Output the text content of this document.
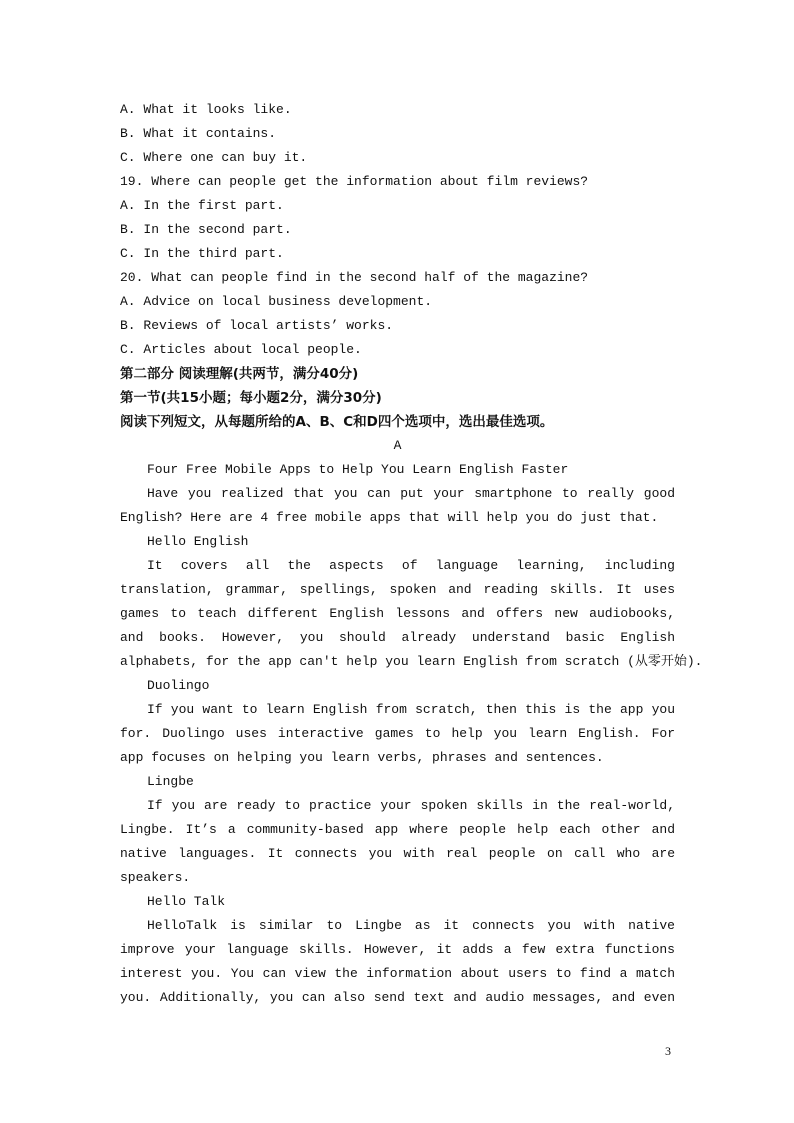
A. What it looks like.
B. What it contains.
C. Where one can buy it.
19. Where can people get the information about film reviews?
A. In the first part.
B. In the second part.
C. In the third part.
20. What can people find in the second half of the magazine?
A. Advice on local business development.
B. Reviews of local artists’ works.
C. Articles about local people.
第二部分 阅读理解(共两节，满分40分)
第一节(共15小题；每小题2分，满分30分)
阅读下列短文，从每题所给的A、B、C和D四个选项中，选出最佳选项。
A
Four Free Mobile Apps to Help You Learn English Faster
Have you realized that you can put your smartphone to really good
English? Here are 4 free mobile apps that will help you do just that.
Hello English
It covers all the aspects of language learning, including
translation, grammar, spellings, spoken and reading skills. It uses
games to teach different English lessons and offers new audiobooks,
and books. However, you should already understand basic English
alphabets, for the app can't help you learn English from scratch (从零开始).
Duolingo
If you want to learn English from scratch, then this is the app you
for. Duolingo uses interactive games to help you learn English. For
app focuses on helping you learn verbs, phrases and sentences.
Lingbe
If you are ready to practice your spoken skills in the real-world,
Lingbe. It’s a community-based app where people help each other and
native languages. It connects you with real people on call who are
speakers.
Hello Talk
HelloTalk is similar to Lingbe as it connects you with native
improve your language skills. However, it adds a few extra functions
interest you. You can view the information about users to find a match
you. Additionally, you can also send text and audio messages, and even
3
